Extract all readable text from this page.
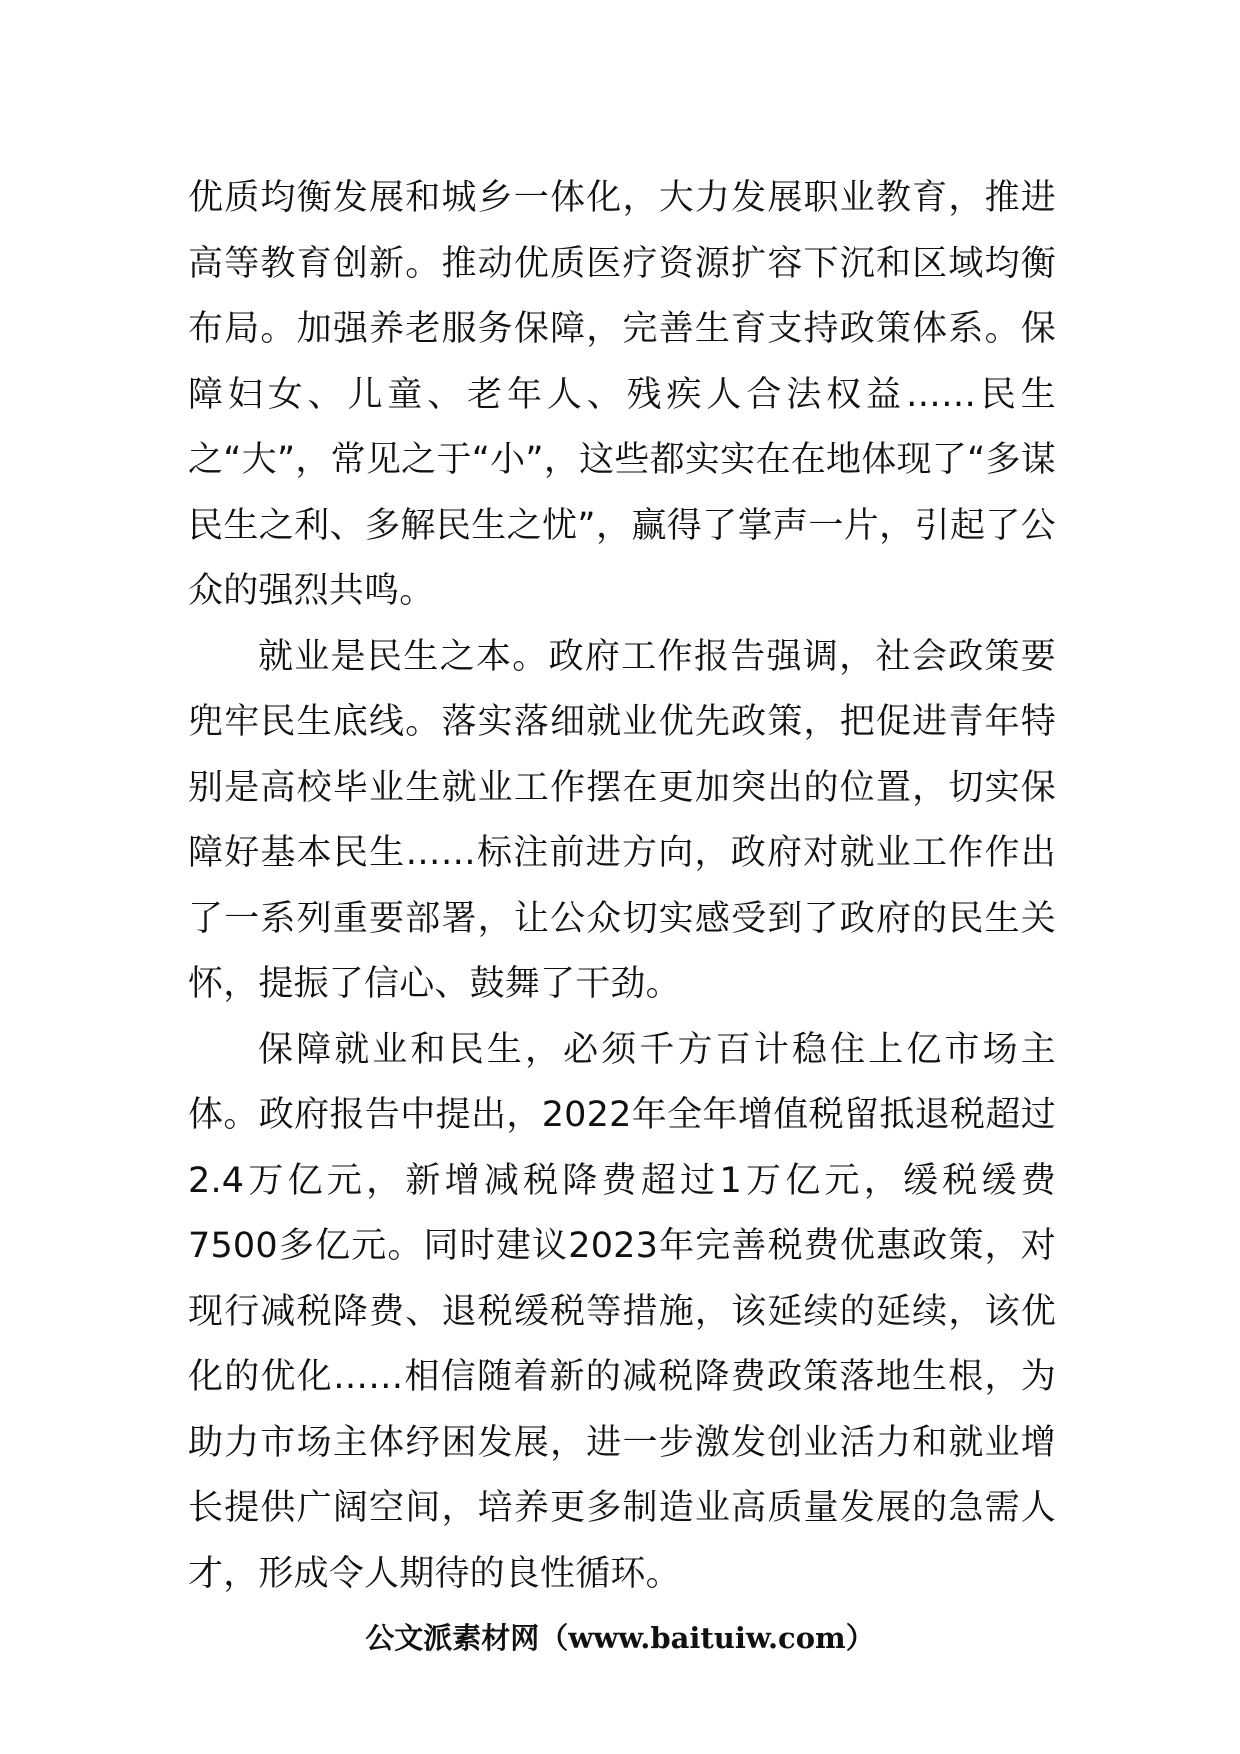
优质均衡发展和城乡一体化，大力发展职业教育，推进高等教育创新。推动优质医疗资源扩容下沉和区域均衡布局。加强养老服务保障，完善生育支持政策体系。保障妇女、儿童、老年人、残疾人合法权益……民生之“大”，常见之于“小”，这些都实实在在地体现了“多谋民生之利、多解民生之忧”，赢得了掌声一片，引起了公众的强烈共鸣。

就业是民生之本。政府工作报告强调，社会政策要兜牢民生底线。落实落细就业优先政策，把促进青年特别是高校毕业生就业工作摆在更加突出的位置，切实保障好基本民生……标注前进方向，政府对就业工作作出了一系列重要部署，让公众切实感受到了政府的民生关怀，提振了信心、鼓舞了干劲。

保障就业和民生，必须千方百计稳住上亿市场主体。政府报告中提出，2022年全年增值税留抵退税超过2.4万亿元，新增减税降费超过1万亿元，缓税缓费7500多亿元。同时建议2023年完善税费优惠政策，对现行减税降费、退税缓税等措施，该延续的延续，该优化的优化……相信随着新的减税降费政策落地生根，为助力市场主体纾困发展，进一步激发创业活力和就业增长提供广阔空间，培养更多制造业高质量发展的急需人才，形成令人期待的良性循环。

公文派素材网（www.baituiw.com）
